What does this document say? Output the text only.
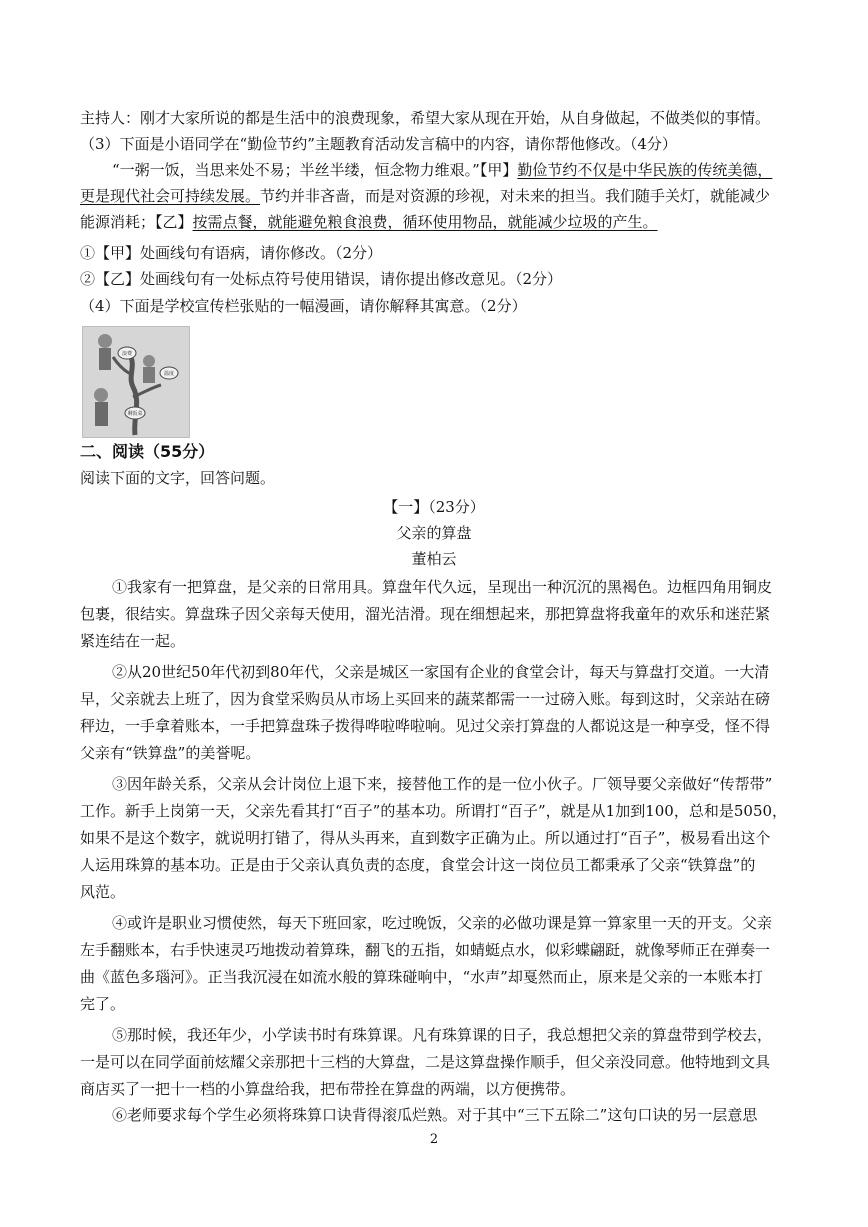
主持人：刚才大家所说的都是生活中的浪费现象，希望大家从现在开始，从自身做起，不做类似的事情。
（3）下面是小语同学在“勤俭节约”主题教育活动发言稿中的内容，请你帮他修改。（4分）
“一粥一饭，当思来处不易；半丝半缕，恒念物力维艰。”【甲】勤俭节约不仅是中华民族的传统美德，
更是现代社会可持续发展。节约并非吝啬，而是对资源的珍视，对未来的担当。我们随手关灯，就能减少
能源消耗；【乙】按需点餐，就能避免粮食浪费，循环使用物品，就能减少垃圾的产生。
①【甲】处画线句有语病，请你修改。（2分）
②【乙】处画线句有一处标点符号使用错误，请你提出修改意见。（2分）
（4）下面是学校宣传栏张贴的一幅漫画，请你解释其寓意。（2分）
浪费
温度
剩饭菜
二、阅读（55分）
阅读下面的文字，回答问题。
【一】（23分）
父亲的算盘
董柏云
①我家有一把算盘，是父亲的日常用具。算盘年代久远，呈现出一种沉沉的黑褐色。边框四角用铜皮
包裹，很结实。算盘珠子因父亲每天使用，溜光洁滑。现在细想起来，那把算盘将我童年的欢乐和迷茫紧
紧连结在一起。
②从20世纪50年代初到80年代，父亲是城区一家国有企业的食堂会计，每天与算盘打交道。一大清
早，父亲就去上班了，因为食堂采购员从市场上买回来的蔬菜都需一一过磅入账。每到这时，父亲站在磅
秤边，一手拿着账本，一手把算盘珠子拨得哗啦哗啦响。见过父亲打算盘的人都说这是一种享受，怪不得
父亲有“铁算盘”的美誉呢。
③因年龄关系，父亲从会计岗位上退下来，接替他工作的是一位小伙子。厂领导要父亲做好“传帮带”
工作。新手上岗第一天，父亲先看其打“百子”的基本功。所谓打“百子”，就是从1加到100，总和是5050，
如果不是这个数字，就说明打错了，得从头再来，直到数字正确为止。所以通过打“百子”，极易看出这个
人运用珠算的基本功。正是由于父亲认真负责的态度，食堂会计这一岗位员工都秉承了父亲“铁算盘”的
风范。
④或许是职业习惯使然，每天下班回家，吃过晚饭，父亲的必做功课是算一算家里一天的开支。父亲
左手翻账本，右手快速灵巧地拨动着算珠，翻飞的五指，如蜻蜓点水，似彩蝶翩跹，就像琴师正在弹奏一
曲《蓝色多瑙河》。正当我沉浸在如流水般的算珠碰响中，“水声”却戛然而止，原来是父亲的一本账本打
完了。
⑤那时候，我还年少，小学读书时有珠算课。凡有珠算课的日子，我总想把父亲的算盘带到学校去，
一是可以在同学面前炫耀父亲那把十三档的大算盘，二是这算盘操作顺手，但父亲没同意。他特地到文具
商店买了一把十一档的小算盘给我，把布带拴在算盘的两端，以方便携带。
⑥老师要求每个学生必须将珠算口诀背得滚瓜烂熟。对于其中“三下五除二”这句口诀的另一层意思
2
